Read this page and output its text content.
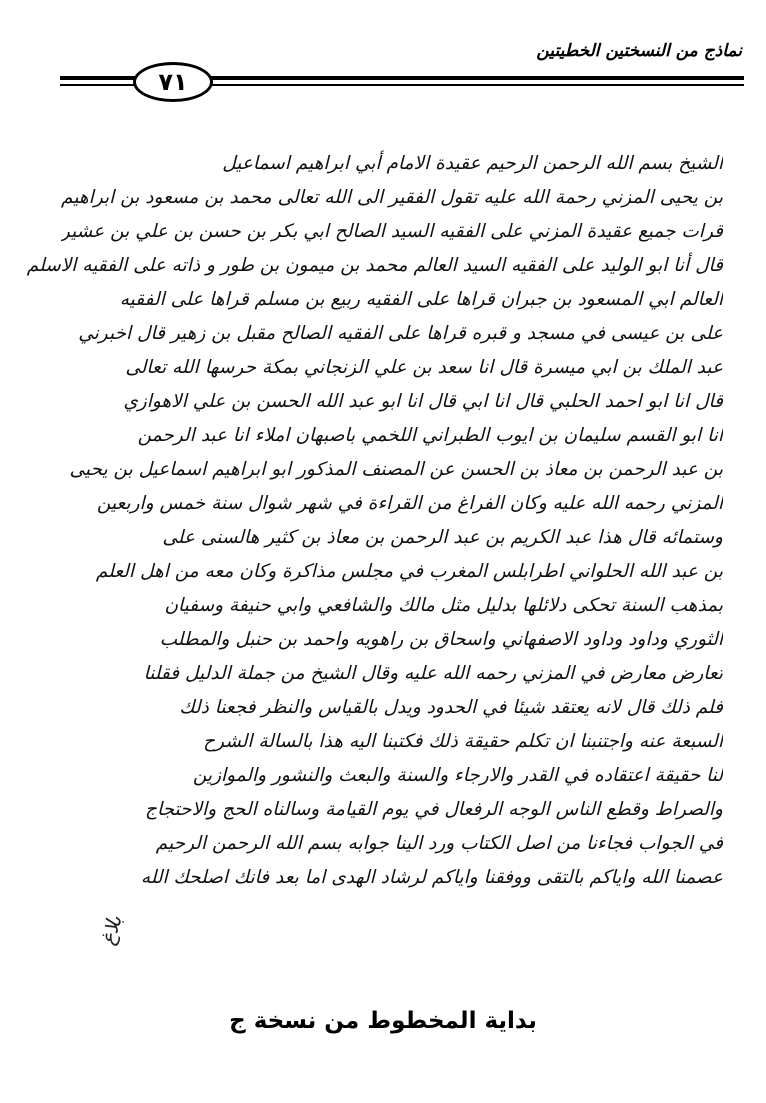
نماذج من النسختين الخطيتين
٧١
الشيخ بسم الله الرحمن الرحيم عقيدة الامام أبي ابراهيم اسماعيل
بن يحيى المزني رحمة الله عليه تقول الفقير الى الله تعالى محمد بن مسعود بن ابراهيم
قرات جميع عقيدة المزني على الفقيه السيد الصالح ابي بكر بن حسن بن علي بن عشير
قال أنا ابو الوليد على الفقيه السيد العالم محمد بن ميمون بن طور و ذاته على الفقيه الاسلم
العالم ابي المسعود بن جبران قراها على الفقيه ربيع بن مسلم قراها على الفقيه
على بن عيسى في مسجد و قبره قراها على الفقيه الصالح مقبل بن زهير قال اخبرني
عبد الملك بن ابي ميسرة قال انا سعد بن علي الزنجاني بمكة حرسها الله تعالى
قال انا ابو احمد الحلبي قال انا ابي قال انا ابو عبد الله الحسن بن علي الاهوازي
انا ابو القسم سليمان بن ايوب الطبراني اللخمي باصبهان املاء انا عبد الرحمن
بن عبد الرحمن بن معاذ بن الحسن عن المصنف المذكور ابو ابراهيم اسماعيل بن يحيى
المزني رحمه الله عليه وكان الفراغ من القراءة في شهر شوال سنة خمس واربعين
وستمائه قال هذا عبد الكريم بن عبد الرحمن بن معاذ بن كثير هالسنى على
بن عبد الله الحلواني اطرابلس المغرب في مجلس مذاكرة وكان معه من اهل العلم
بمذهب السنة تحكى دلائلها بدليل مثل مالك والشافعي وابي حنيفة وسفيان
الثوري وداود وداود الاصفهاني واسحاق بن راهويه واحمد بن حنبل والمطلب
تعارض معارض في المزني رحمه الله عليه وقال الشيخ من جملة الدليل فقلنا
فلم ذلك قال لانه يعتقد شيئا في الحدود ويدل بالقياس والنظر فجعنا ذلك
السبعة عنه واجتنبنا ان تكلم حقيقة ذلك فكتبنا اليه هذا بالسالة الشرح
لنا حقيقة اعتقاده في القدر والارجاء والسنة والبعث والنشور والموازين
والصراط وقطع الناس الوجه الرفعال في يوم القيامة وسالناه الحج والاحتجاج
في الجواب فجاءنا من اصل الكتاب ورد الينا جوابه بسم الله الرحمن الرحيم
عصمنا الله واياكم بالتقى ووفقنا واياكم لرشاد الهدى اما بعد فانك اصلحك الله
بلاغ
بداية المخطوط من نسخة ج
